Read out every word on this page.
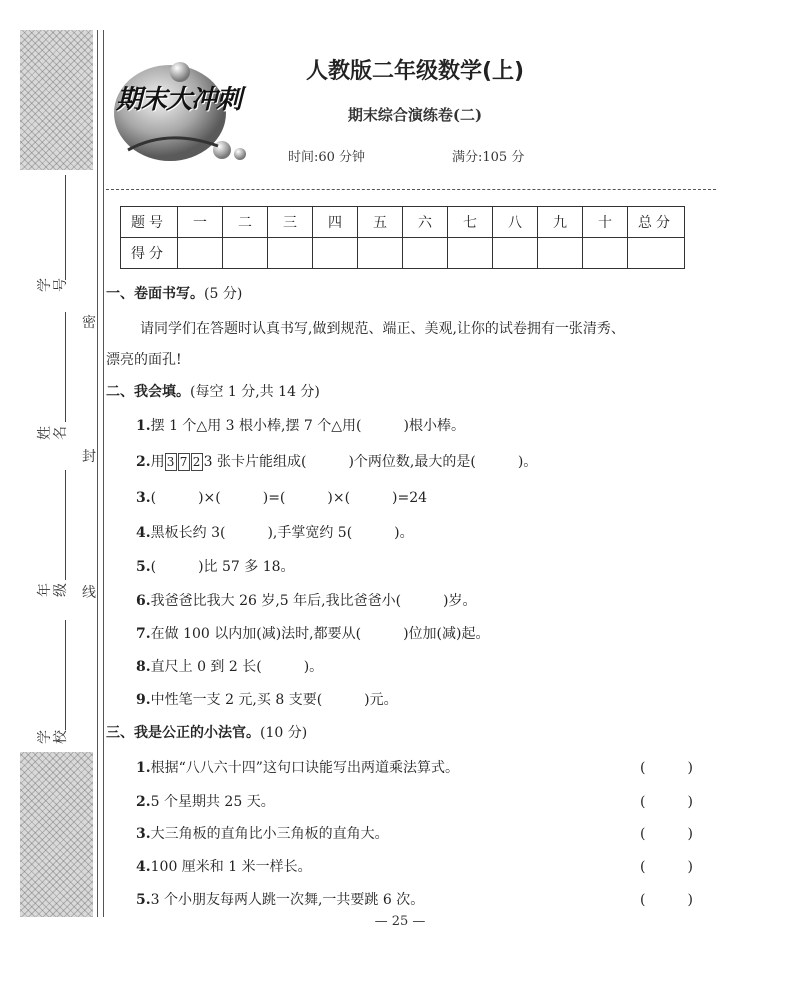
学号
姓名
年级
学校
密
封
线
期末大冲刺
人教版二年级数学(上)
期末综合演练卷(二)
时间:60 分钟	满分:105 分
题号	一	二	三	四	五	六	七	八	九	十	总分
得分											
一、卷面书写。(5 分)
请同学们在答题时认真书写,做到规范、端正、美观,让你的试卷拥有一张清秀、
漂亮的面孔!
二、我会填。(每空 1 分,共 14 分)
1.摆 1 个△用 3 根小棒,摆 7 个△用(　　　)根小棒。
2.用 3 7 2 3 张卡片能组成(　　　)个两位数,最大的是(　　　)。
3.(　　　)×(　　　)=(　　　)×(　　　)=24
4.黑板长约 3(　　　),手掌宽约 5(　　　)。
5.(　　　)比 57 多 18。
6.我爸爸比我大 26 岁,5 年后,我比爸爸小(　　　)岁。
7.在做 100 以内加(减)法时,都要从(　　　)位加(减)起。
8.直尺上 0 到 2 长(　　　)。
9.中性笔一支 2 元,买 8 支要(　　　)元。
三、我是公正的小法官。(10 分)
1.根据“八八六十四”这句口诀能写出两道乘法算式。	(　　　)
2.5 个星期共 25 天。	(　　　)
3.大三角板的直角比小三角板的直角大。	(　　　)
4.100 厘米和 1 米一样长。	(　　　)
5.3 个小朋友每两人跳一次舞,一共要跳 6 次。	(　　　)
— 25 —
